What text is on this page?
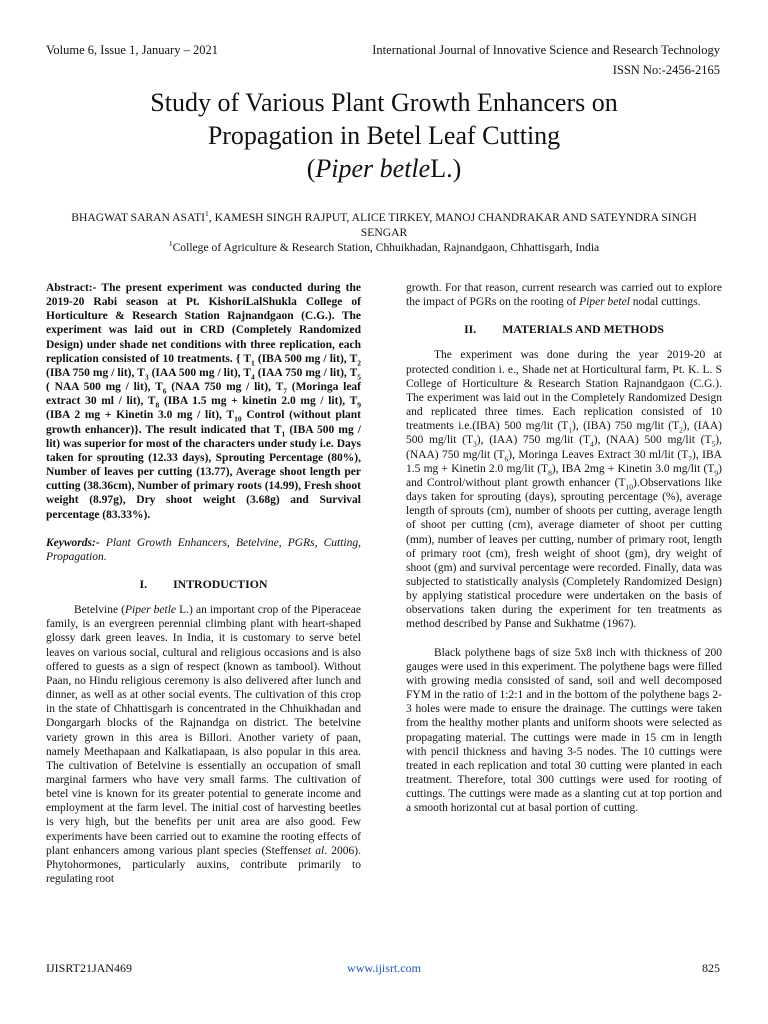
Volume 6, Issue 1, January – 2021	International Journal of Innovative Science and Research Technology
ISSN No:-2456-2165
Study of Various Plant Growth Enhancers on
Propagation in Betel Leaf Cutting
(Piper betleL.)
BHAGWAT SARAN ASATI$^1$, KAMESH SINGH RAJPUT, ALICE TIRKEY, MANOJ CHANDRAKAR AND SATEYNDRA SINGH SENGAR
$^1$College of Agriculture & Research Station, Chhuikhadan, Rajnandgaon, Chhattisgarh, India

Abstract:- The present experiment was conducted during the 2019-20 Rabi season at Pt. KishoriLalShukla College of Horticulture & Research Station Rajnandgaon (C.G.). The experiment was laid out in CRD (Completely Randomized Design) under shade net conditions with three replication, each replication consisted of 10 treatments. { $T_1$ (IBA 500 mg / lit), $T_2$ (IBA 750 mg / lit), $T_3$ (IAA 500 mg / lit), $T_4$ (IAA 750 mg / lit), $T_5$ ( NAA 500 mg / lit), $T_6$ (NAA 750 mg / lit), $T_7$ (Moringa leaf extract 30 ml / lit), $T_8$ (IBA 1.5 mg + kinetin 2.0 mg / lit), $T_9$ (IBA 2 mg + Kinetin 3.0 mg / lit), $T_{10}$ Control (without plant growth enhancer)}. The result indicated that $T_1$ (IBA 500 mg / lit) was superior for most of the characters under study i.e. Days taken for sprouting (12.33 days), Sprouting Percentage (80%), Number of leaves per cutting (13.77), Average shoot length per cutting (38.36cm), Number of primary roots (14.99), Fresh shoot weight (8.97g), Dry shoot weight (3.68g) and Survival percentage (83.33%).

Keywords:- Plant Growth Enhancers, Betelvine, PGRs, Cutting, Propagation.

I. INTRODUCTION

Betelvine (Piper betle L.) an important crop of the Piperaceae family, is an evergreen perennial climbing plant with heart-shaped glossy dark green leaves. In India, it is customary to serve betel leaves on various social, cultural and religious occasions and is also offered to guests as a sign of respect (known as tambool). Without Paan, no Hindu religious ceremony is also delivered after lunch and dinner, as well as at other social events. The cultivation of this crop in the state of Chhattisgarh is concentrated in the Chhuikhadan and Dongargarh blocks of the Rajnandga on district. The betelvine variety grown in this area is Billori. Another variety of paan, namely Meethapaan and Kalkatiapaan, is also popular in this area. The cultivation of Betelvine is essentially an occupation of small marginal farmers who have very small farms. The cultivation of betel vine is known for its greater potential to generate income and employment at the farm level. The initial cost of harvesting beetles is very high, but the benefits per unit area are also good. Few experiments have been carried out to examine the rooting effects of plant enhancers among various plant species (Steffenset al. 2006). Phytohormones, particularly auxins, contribute primarily to regulating root

growth. For that reason, current research was carried out to explore the impact of PGRs on the rooting of Piper betel nodal cuttings.

II. MATERIALS AND METHODS

The experiment was done during the year 2019-20 at protected condition i. e., Shade net at Horticultural farm, Pt. K. L. S College of Horticulture & Research Station Rajnandgaon (C.G.). The experiment was laid out in the Completely Randomized Design and replicated three times. Each replication consisted of 10 treatments i.e.(IBA) 500 mg/lit $(T_1)$, (IBA) 750 mg/lit $(T_2)$, (IAA) 500 mg/lit $(T_3)$, (IAA) 750 mg/lit $(T_4)$, (NAA) 500 mg/lit $(T_5)$, (NAA) 750 mg/lit $(T_6)$, Moringa Leaves Extract 30 ml/lit $(T_7)$, IBA 1.5 mg + Kinetin 2.0 mg/lit $(T_8)$, IBA 2mg + Kinetin 3.0 mg/lit $(T_9)$ and Control/without plant growth enhancer $(T_{10}).Observations$ like days taken for sprouting (days), sprouting percentage (%), average length of sprouts (cm), number of shoots per cutting, average length of shoot per cutting (cm), average diameter of shoot per cutting (mm), number of leaves per cutting, number of primary root, length of primary root (cm), fresh weight of shoot (gm), dry weight of shoot (gm) and survival percentage were recorded. Finally, data was subjected to statistically analysis (Completely Randomized Design) by applying statistical procedure were undertaken on the basis of observations taken during the experiment for ten treatments as method described by Panse and Sukhatme (1967).

Black polythene bags of size 5x8 inch with thickness of 200 gauges were used in this experiment. The polythene bags were filled with growing media consisted of sand, soil and well decomposed FYM in the ratio of 1:2:1 and in the bottom of the polythene bags 2-3 holes were made to ensure the drainage. The cuttings were taken from the healthy mother plants and uniform shoots were selected as propagating material. The cuttings were made in 15 cm in length with pencil thickness and having 3-5 nodes. The 10 cuttings were treated in each replication and total 30 cutting were planted in each treatment. Therefore, total 300 cuttings were used for rooting of cuttings. The cuttings were made as a slanting cut at top portion and a smooth horizontal cut at basal portion of cutting.

IJISRT21JAN469	www.ijisrt.com	825
